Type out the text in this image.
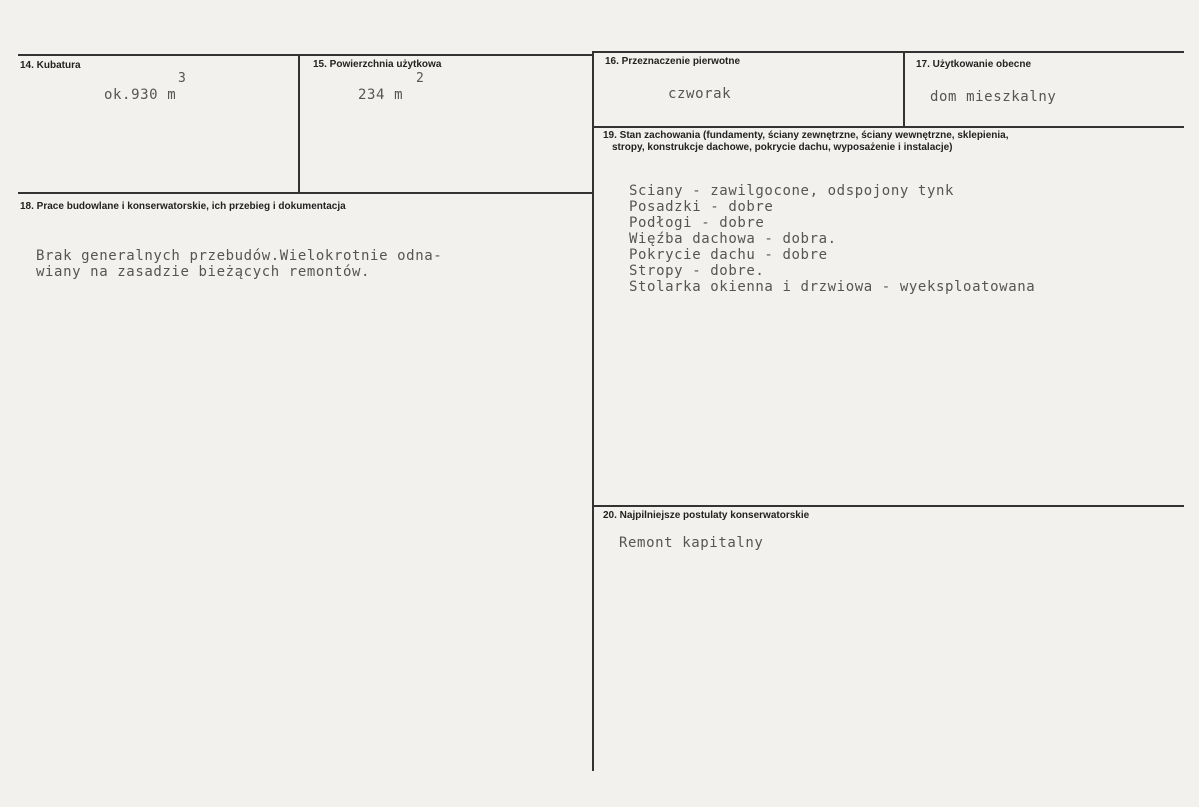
14. Kubatura
3
ok.930 m
15. Powierzchnia użytkowa
2
234 m
16. Przeznaczenie pierwotne
czworak
17. Użytkowanie obecne
dom mieszkalny
18. Prace budowlane i konserwatorskie, ich przebieg i dokumentacja
Brak generalnych przebudów.Wielokrotnie odna-
wiany na zasadzie bieżących remontów.
19. Stan zachowania (fundamenty, ściany zewnętrzne, ściany wewnętrzne, sklepienia,
stropy, konstrukcje dachowe, pokrycie dachu, wyposażenie i instalacje)
Sciany - zawilgocone, odspojony tynk
Posadzki - dobre
Podłogi - dobre
Więźba dachowa - dobra.
Pokrycie dachu - dobre
Stropy - dobre.
Stolarka okienna i drzwiowa - wyeksploatowana
20. Najpilniejsze postulaty konserwatorskie
Remont kapitalny
